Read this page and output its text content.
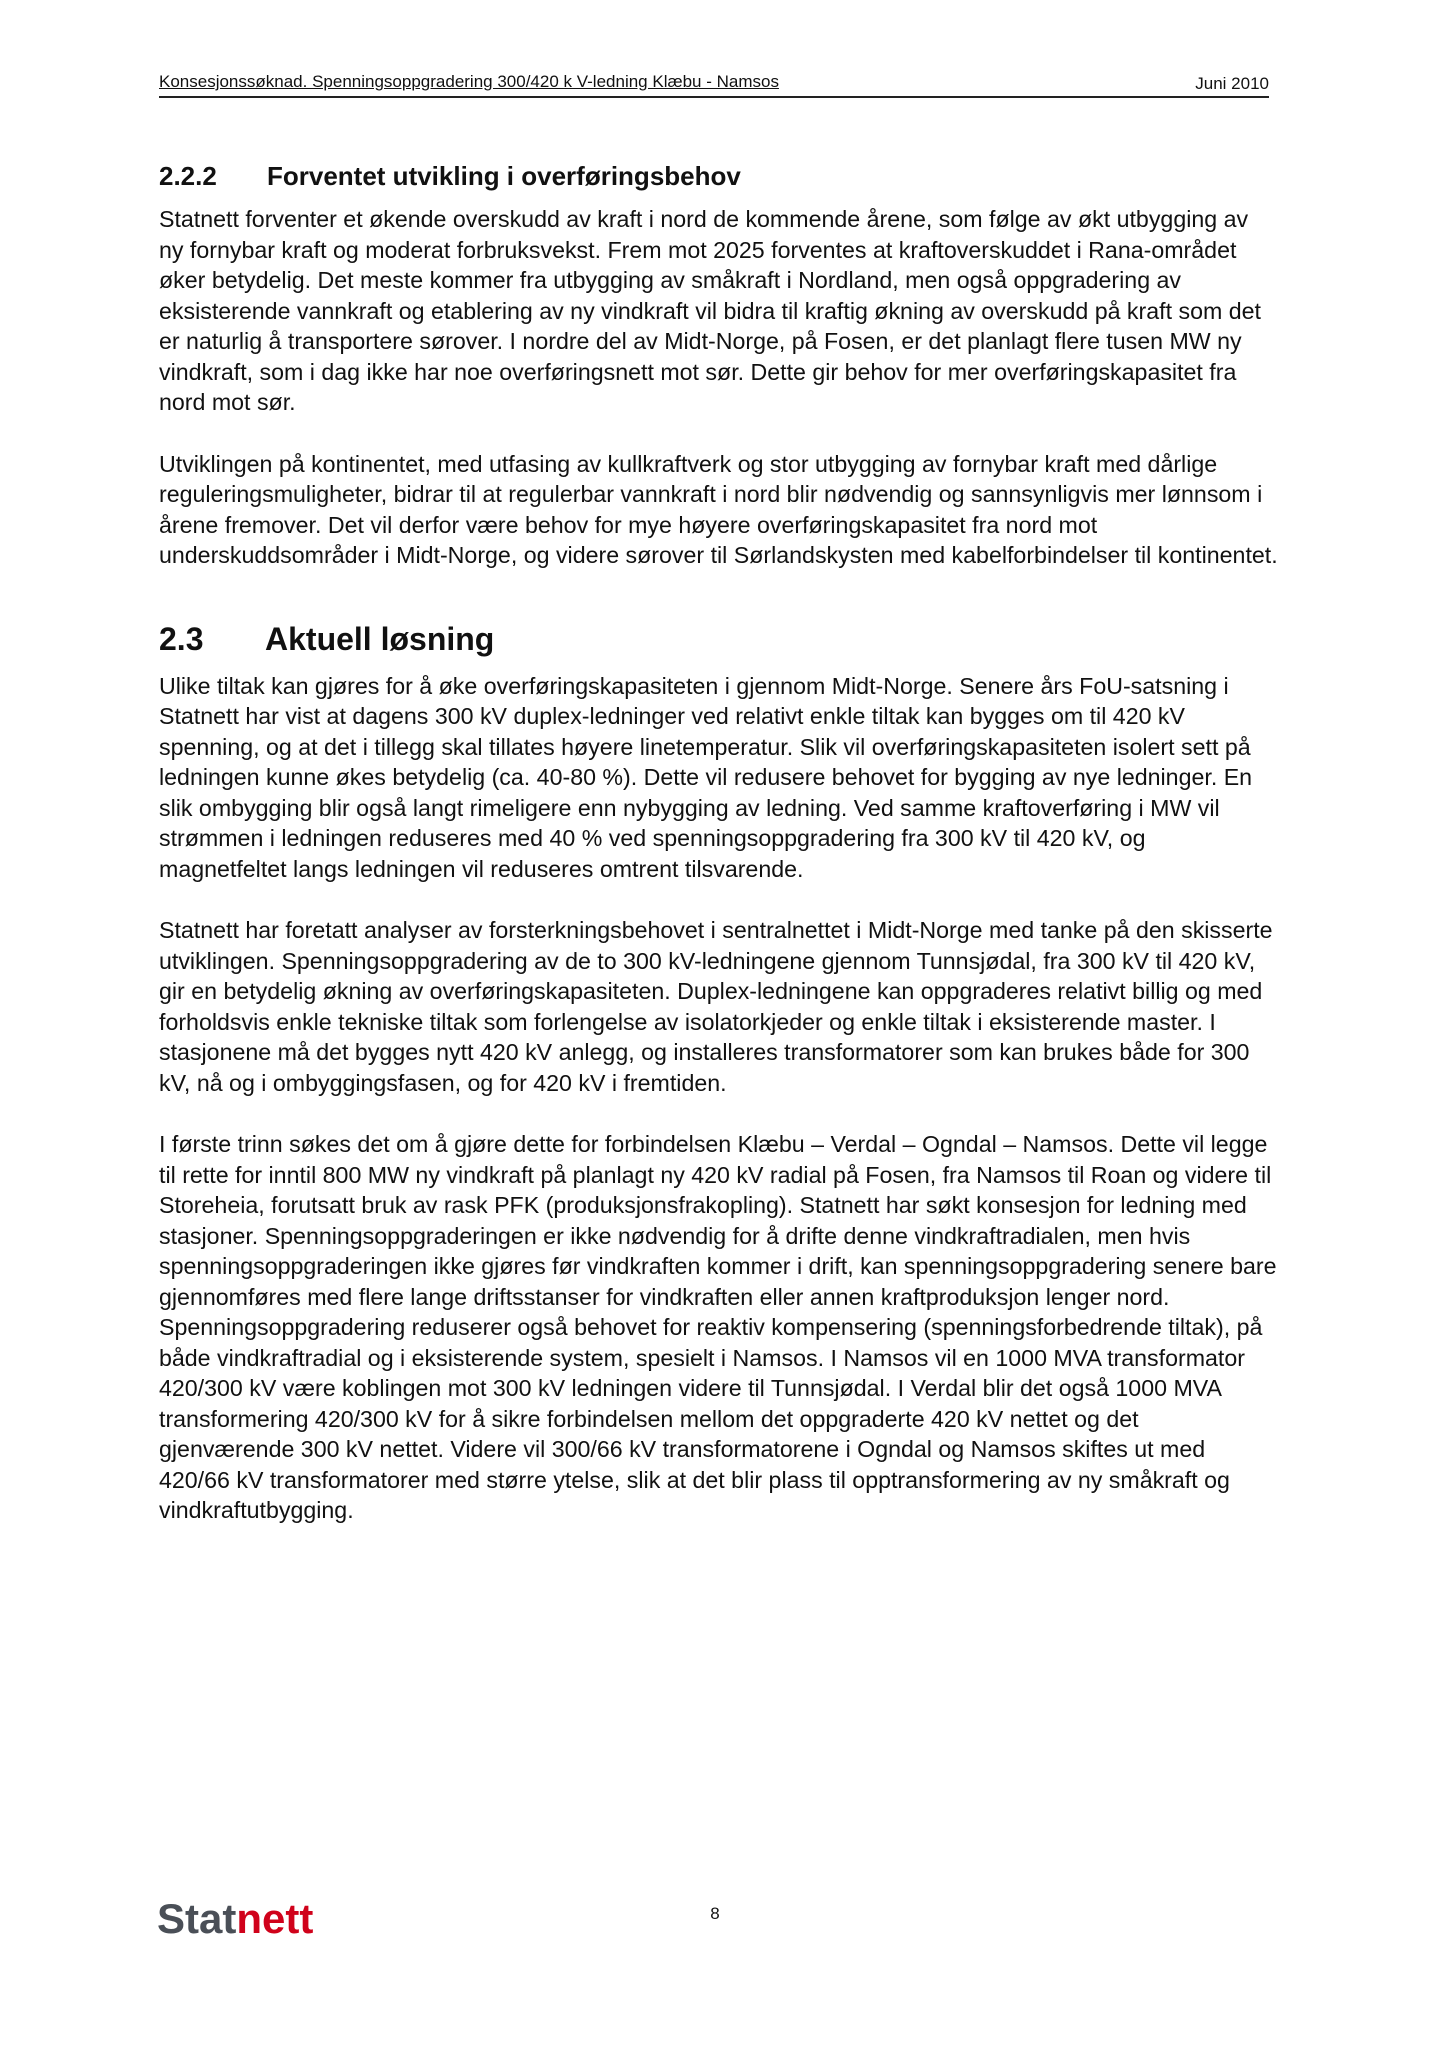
Konsesjonssøknad. Spenningsoppgradering 300/420 k V-ledning Klæbu - Namsos	Juni 2010
2.2.2 Forventet utvikling i overføringsbehov

Statnett forventer et økende overskudd av kraft i nord de kommende årene, som følge av økt utbygging av ny fornybar kraft og moderat forbruksvekst. Frem mot 2025 forventes at kraftoverskuddet i Rana-området øker betydelig. Det meste kommer fra utbygging av småkraft i Nordland, men også oppgradering av eksisterende vannkraft og etablering av ny vindkraft vil bidra til kraftig økning av overskudd på kraft som det er naturlig å transportere sørover. I nordre del av Midt-Norge, på Fosen, er det planlagt flere tusen MW ny vindkraft, som i dag ikke har noe overføringsnett mot sør. Dette gir behov for mer overføringskapasitet fra nord mot sør.

Utviklingen på kontinentet, med utfasing av kullkraftverk og stor utbygging av fornybar kraft med dårlige reguleringsmuligheter, bidrar til at regulerbar vannkraft i nord blir nødvendig og sannsynligvis mer lønnsom i årene fremover. Det vil derfor være behov for mye høyere overføringskapasitet fra nord mot underskuddsområder i Midt-Norge, og videre sørover til Sørlandskysten med kabelforbindelser til kontinentet.

2.3 Aktuell løsning

Ulike tiltak kan gjøres for å øke overføringskapasiteten i gjennom Midt-Norge. Senere års FoU-satsning i Statnett har vist at dagens 300 kV duplex-ledninger ved relativt enkle tiltak kan bygges om til 420 kV spenning, og at det i tillegg skal tillates høyere linetemperatur. Slik vil overføringskapasiteten isolert sett på ledningen kunne økes betydelig (ca. 40-80 %). Dette vil redusere behovet for bygging av nye ledninger. En slik ombygging blir også langt rimeligere enn nybygging av ledning. Ved samme kraftoverføring i MW vil strømmen i ledningen reduseres med 40 % ved spenningsoppgradering fra 300 kV til 420 kV, og magnetfeltet langs ledningen vil reduseres omtrent tilsvarende.

Statnett har foretatt analyser av forsterkningsbehovet i sentralnettet i Midt-Norge med tanke på den skisserte utviklingen. Spenningsoppgradering av de to 300 kV-ledningene gjennom Tunnsjødal, fra 300 kV til 420 kV, gir en betydelig økning av overføringskapasiteten. Duplex-ledningene kan oppgraderes relativt billig og med forholdsvis enkle tekniske tiltak som forlengelse av isolatorkjeder og enkle tiltak i eksisterende master. I stasjonene må det bygges nytt 420 kV anlegg, og installeres transformatorer som kan brukes både for 300 kV, nå og i ombyggingsfasen, og for 420 kV i fremtiden.

I første trinn søkes det om å gjøre dette for forbindelsen Klæbu – Verdal – Ogndal – Namsos. Dette vil legge til rette for inntil 800 MW ny vindkraft på planlagt ny 420 kV radial på Fosen, fra Namsos til Roan og videre til Storeheia, forutsatt bruk av rask PFK (produksjonsfrakopling). Statnett har søkt konsesjon for ledning med stasjoner. Spenningsoppgraderingen er ikke nødvendig for å drifte denne vindkraftradialen, men hvis spenningsoppgraderingen ikke gjøres før vindkraften kommer i drift, kan spenningsoppgradering senere bare gjennomføres med flere lange driftsstanser for vindkraften eller annen kraftproduksjon lenger nord. Spenningsoppgradering reduserer også behovet for reaktiv kompensering (spenningsforbedrende tiltak), på både vindkraftradial og i eksisterende system, spesielt i Namsos. I Namsos vil en 1000 MVA transformator 420/300 kV være koblingen mot 300 kV ledningen videre til Tunnsjødal. I Verdal blir det også 1000 MVA transformering 420/300 kV for å sikre forbindelsen mellom det oppgraderte 420 kV nettet og det gjenværende 300 kV nettet. Videre vil 300/66 kV transformatorene i Ogndal og Namsos skiftes ut med 420/66 kV transformatorer med større ytelse, slik at det blir plass til opptransformering av ny småkraft og vindkraftutbygging.

Statnett	8
